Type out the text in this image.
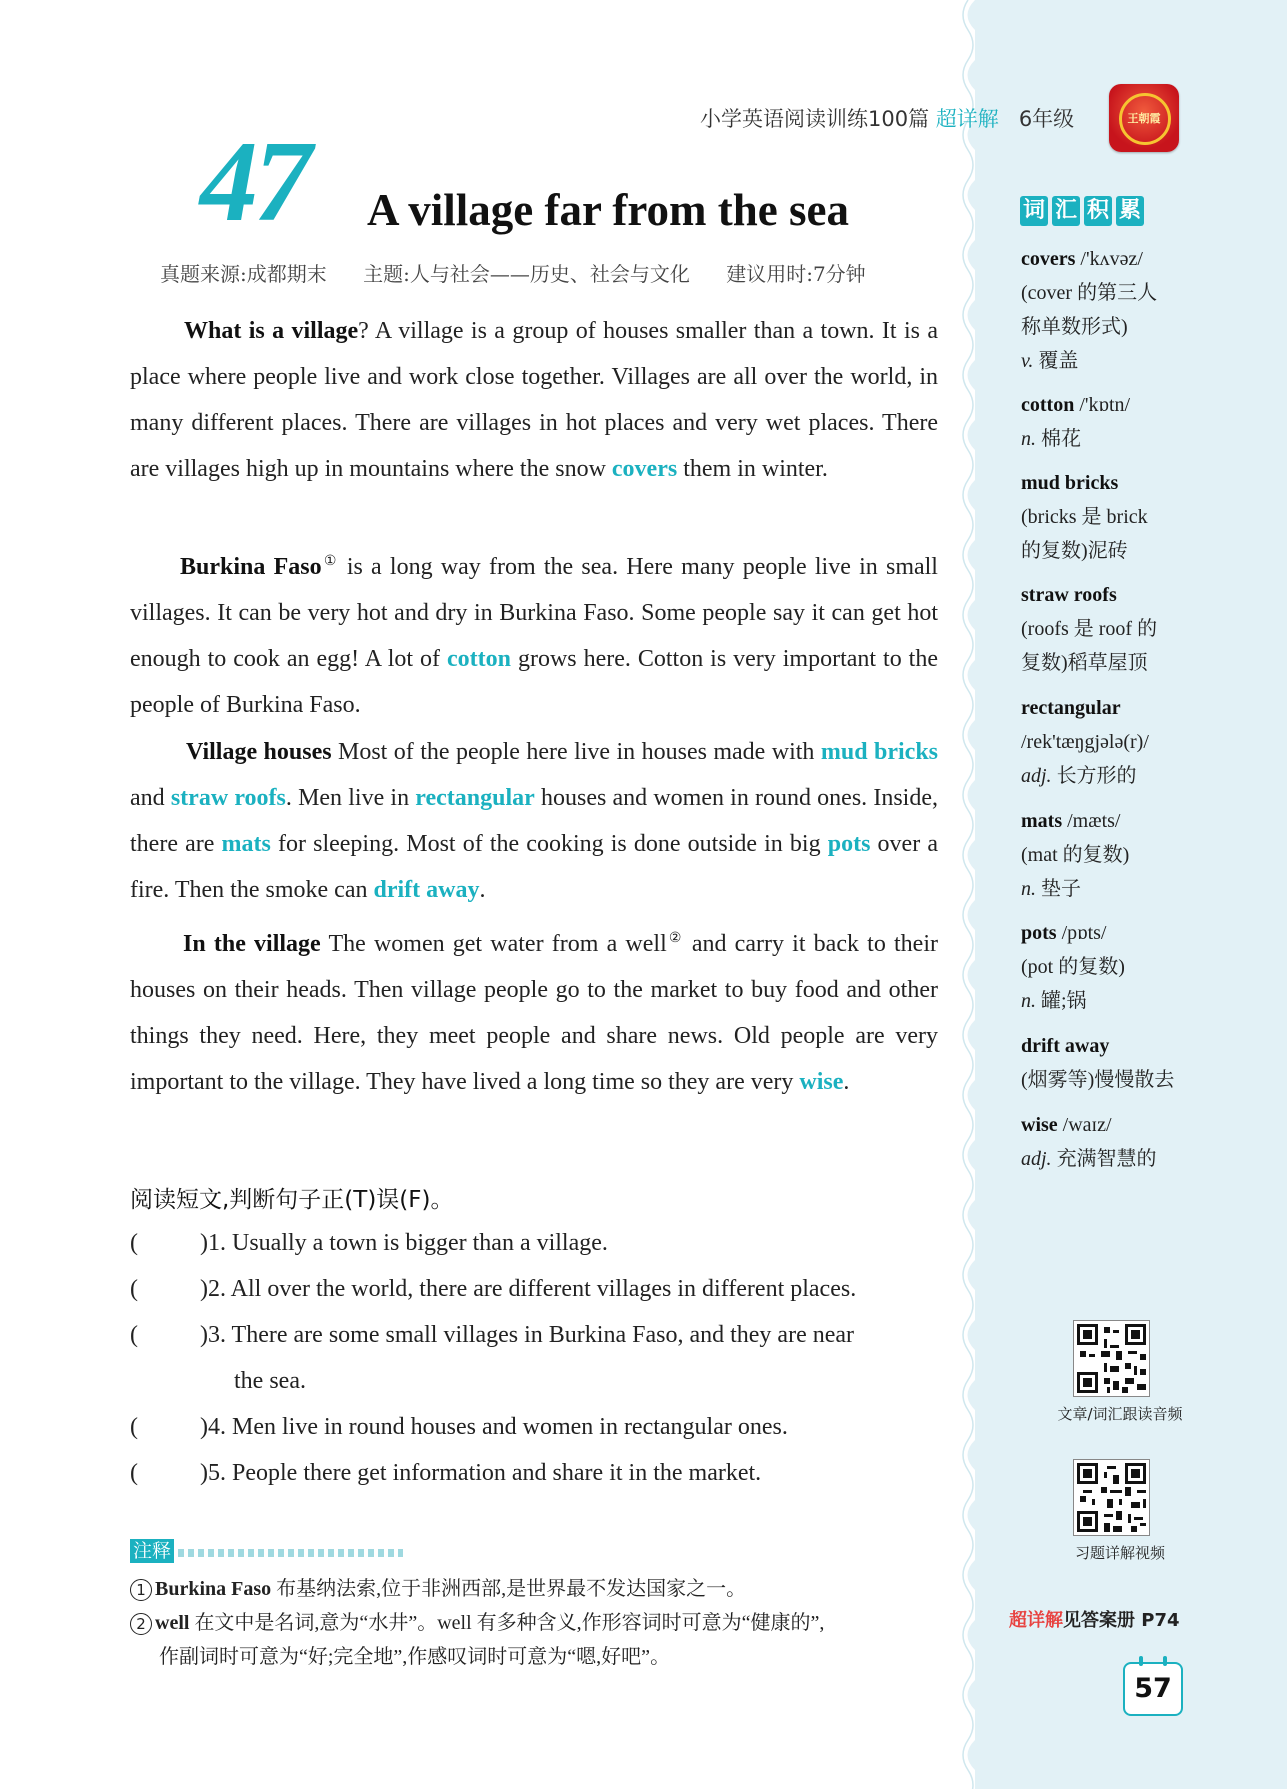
小学英语阅读训练100篇 超详解 6年级	王朝霞
47 A village far from the sea
真题来源:成都期末 主题:人与社会——历史、社会与文化 建议用时:7分钟

What is a village? A village is a group of houses smaller than a town. It is a place where people live and work close together. Villages are all over the world, in many different places. There are villages in hot places and very wet places. There are villages high up in mountains where the snow covers them in winter.

Burkina Faso① is a long way from the sea. Here many people live in small villages. It can be very hot and dry in Burkina Faso. Some people say it can get hot enough to cook an egg! A lot of cotton grows here. Cotton is very important to the people of Burkina Faso.

Village houses Most of the people here live in houses made with mud bricks and straw roofs. Men live in rectangular houses and women in round ones. Inside, there are mats for sleeping. Most of the cooking is done outside in big pots over a fire. Then the smoke can drift away.

In the village The women get water from a well② and carry it back to their houses on their heads. Then village people go to the market to buy food and other things they need. Here, they meet people and share news. Old people are very important to the village. They have lived a long time so they are very wise.

阅读短文,判断句子正(T)误(F)。
(	)1. Usually a town is bigger than a village.
(	)2. All over the world, there are different villages in different places.
(	)3. There are some small villages in Burkina Faso, and they are near
the sea.
(	)4. Men live in round houses and women in rectangular ones.
(	)5. People there get information and share it in the market.
注释
1 Burkina Faso 布基纳法索,位于非洲西部,是世界最不发达国家之一。
2 well 在文中是名词,意为“水井”。well 有多种含义,作形容词时可意为“健康的”,
作副词时可意为“好;完全地”,作感叹词时可意为“嗯,好吧”。
词 汇 积 累
covers /'kʌvəz/
(cover 的第三人
称单数形式)
v. 覆盖
cotton /'kɒtn/
n. 棉花
mud bricks
(bricks 是 brick
的复数)泥砖
straw roofs
(roofs 是 roof 的
复数)稻草屋顶
rectangular
/rek'tæŋgjələ(r)/
adj. 长方形的
mats /mæts/
(mat 的复数)
n. 垫子
pots /pɒts/
(pot 的复数)
n. 罐;锅
drift away
(烟雾等)慢慢散去
wise /waɪz/
adj. 充满智慧的
文章/词汇跟读音频
习题详解视频
超详解见答案册 P74
57
